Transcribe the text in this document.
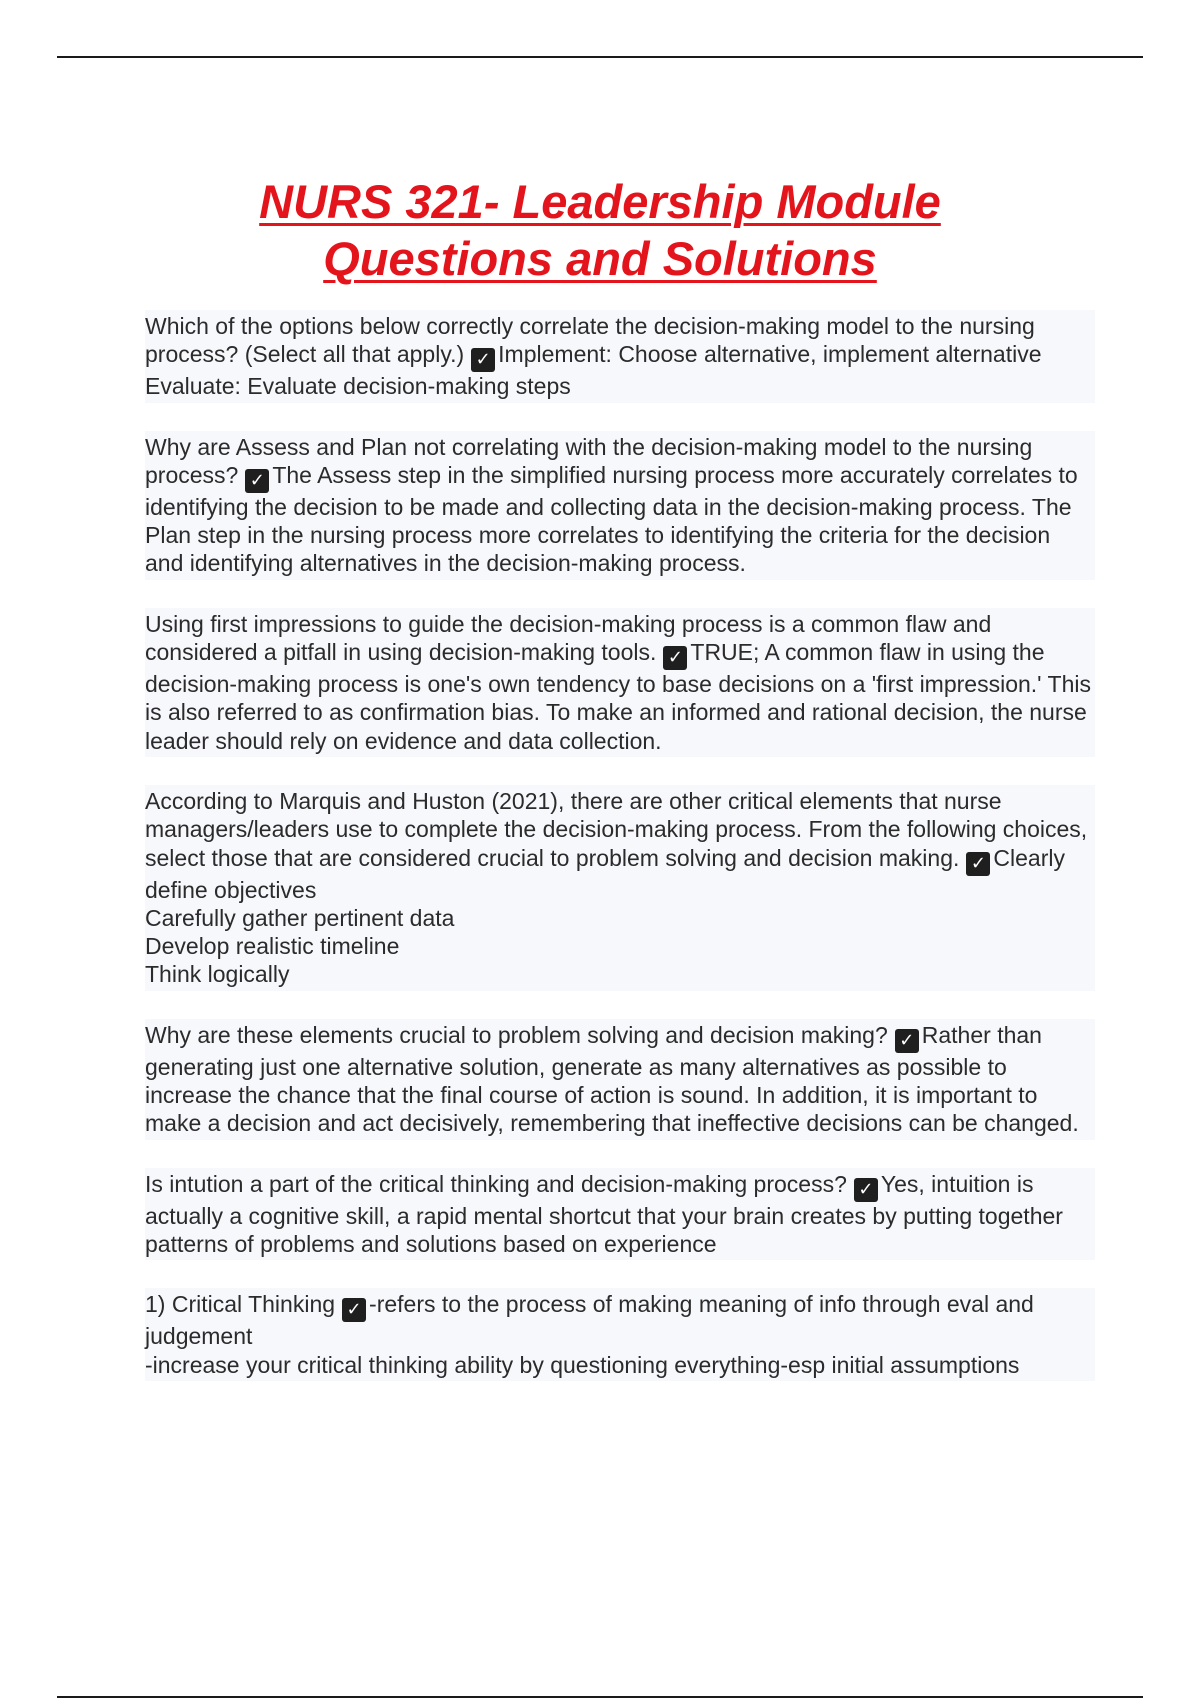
NURS 321- Leadership Module
Questions and Solutions
Which of the options below correctly correlate the decision-making model to the nursing process? (Select all that apply.) ✓ Implement: Choose alternative, implement alternative
Evaluate: Evaluate decision-making steps
Why are Assess and Plan not correlating with the decision-making model to the nursing process? ✓ The Assess step in the simplified nursing process more accurately correlates to identifying the decision to be made and collecting data in the decision-making process. The Plan step in the nursing process more correlates to identifying the criteria for the decision and identifying alternatives in the decision-making process.
Using first impressions to guide the decision-making process is a common flaw and considered a pitfall in using decision-making tools. ✓ TRUE; A common flaw in using the decision-making process is one's own tendency to base decisions on a 'first impression.' This is also referred to as confirmation bias. To make an informed and rational decision, the nurse leader should rely on evidence and data collection.
According to Marquis and Huston (2021), there are other critical elements that nurse managers/leaders use to complete the decision-making process. From the following choices, select those that are considered crucial to problem solving and decision making. ✓ Clearly define objectives
Carefully gather pertinent data
Develop realistic timeline
Think logically
Why are these elements crucial to problem solving and decision making? ✓ Rather than generating just one alternative solution, generate as many alternatives as possible to increase the chance that the final course of action is sound. In addition, it is important to make a decision and act decisively, remembering that ineffective decisions can be changed.
Is intution a part of the critical thinking and decision-making process? ✓ Yes, intuition is actually a cognitive skill, a rapid mental shortcut that your brain creates by putting together patterns of problems and solutions based on experience
1) Critical Thinking ✓ -refers to the process of making meaning of info through eval and judgement
-increase your critical thinking ability by questioning everything-esp initial assumptions
